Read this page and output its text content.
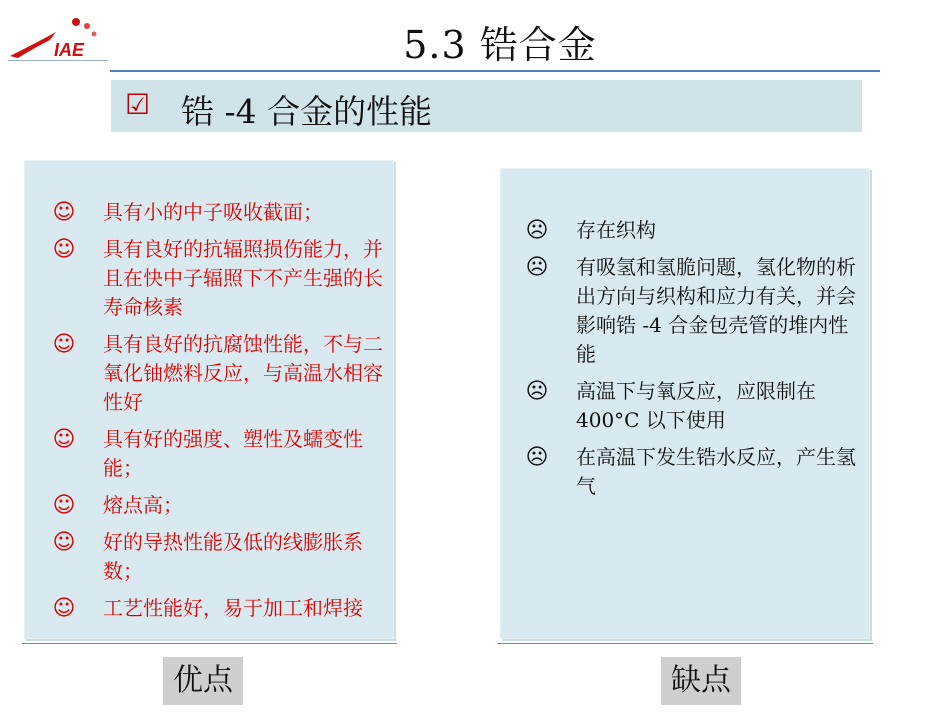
IAE	5.3 锆合金
☑ 锆 -4 合金的性能
☺ 具有小的中子吸收截面；
☺ 具有良好的抗辐照损伤能力，并且在快中子辐照下不产生强的长寿命核素
☺ 具有良好的抗腐蚀性能，不与二氧化铀燃料反应，与高温水相容性好
☺ 具有好的强度、塑性及蠕变性能；
☺ 熔点高；
☺ 好的导热性能及低的线膨胀系数；
☺ 工艺性能好，易于加工和焊接
☹ 存在织构
☹ 有吸氢和氢脆问题，氢化物的析出方向与织构和应力有关，并会影响锆 -4 合金包壳管的堆内性能
☹ 高温下与氧反应，应限制在 400°C 以下使用
☹ 在高温下发生锆水反应，产生氢气
优点	缺点
